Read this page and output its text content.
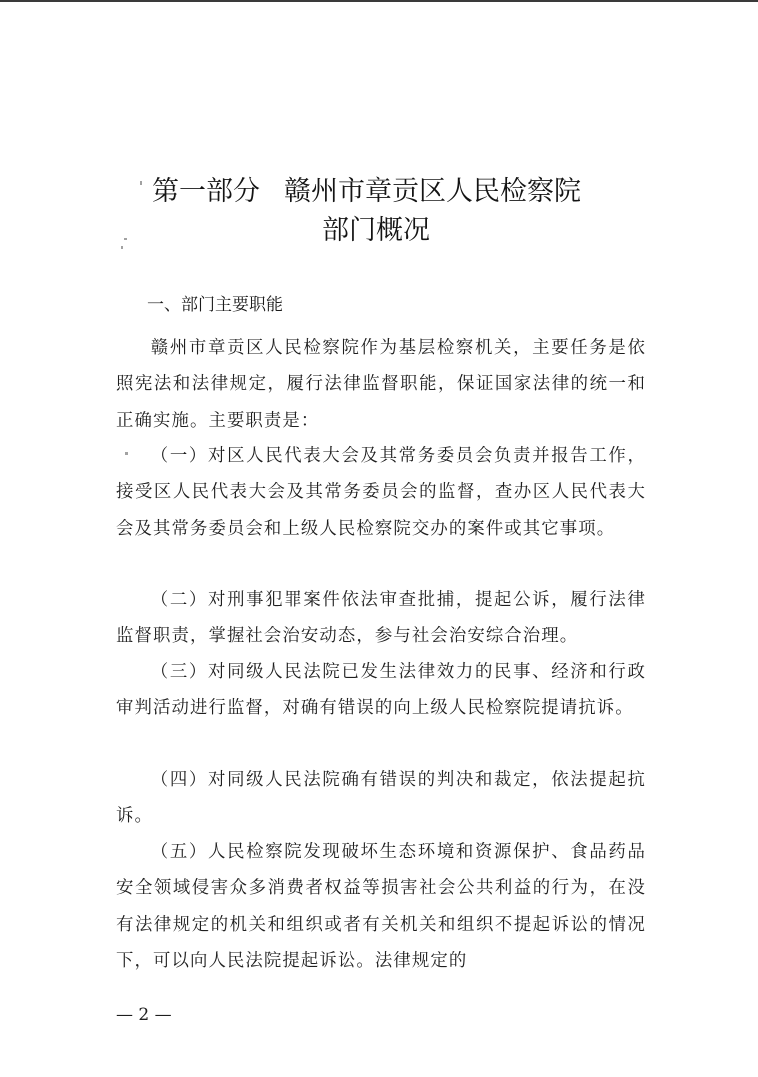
第一部分 赣州市章贡区人民检察院
部门概况
一、部门主要职能

赣州市章贡区人民检察院作为基层检察机关，主要任务是依照宪法和法律规定，履行法律监督职能，保证国家法律的统一和正确实施。主要职责是：

（一）对区人民代表大会及其常务委员会负责并报告工作，接受区人民代表大会及其常务委员会的监督，查办区人民代表大会及其常务委员会和上级人民检察院交办的案件或其它事项。

（二）对刑事犯罪案件依法审查批捕，提起公诉，履行法律监督职责，掌握社会治安动态，参与社会治安综合治理。

（三）对同级人民法院已发生法律效力的民事、经济和行政审判活动进行监督，对确有错误的向上级人民检察院提请抗诉。

（四）对同级人民法院确有错误的判决和裁定，依法提起抗诉。

（五）人民检察院发现破坏生态环境和资源保护、食品药品安全领域侵害众多消费者权益等损害社会公共利益的行为，在没有法律规定的机关和组织或者有关机关和组织不提起诉讼的情况下，可以向人民法院提起诉讼。法律规定的

— 2 —
